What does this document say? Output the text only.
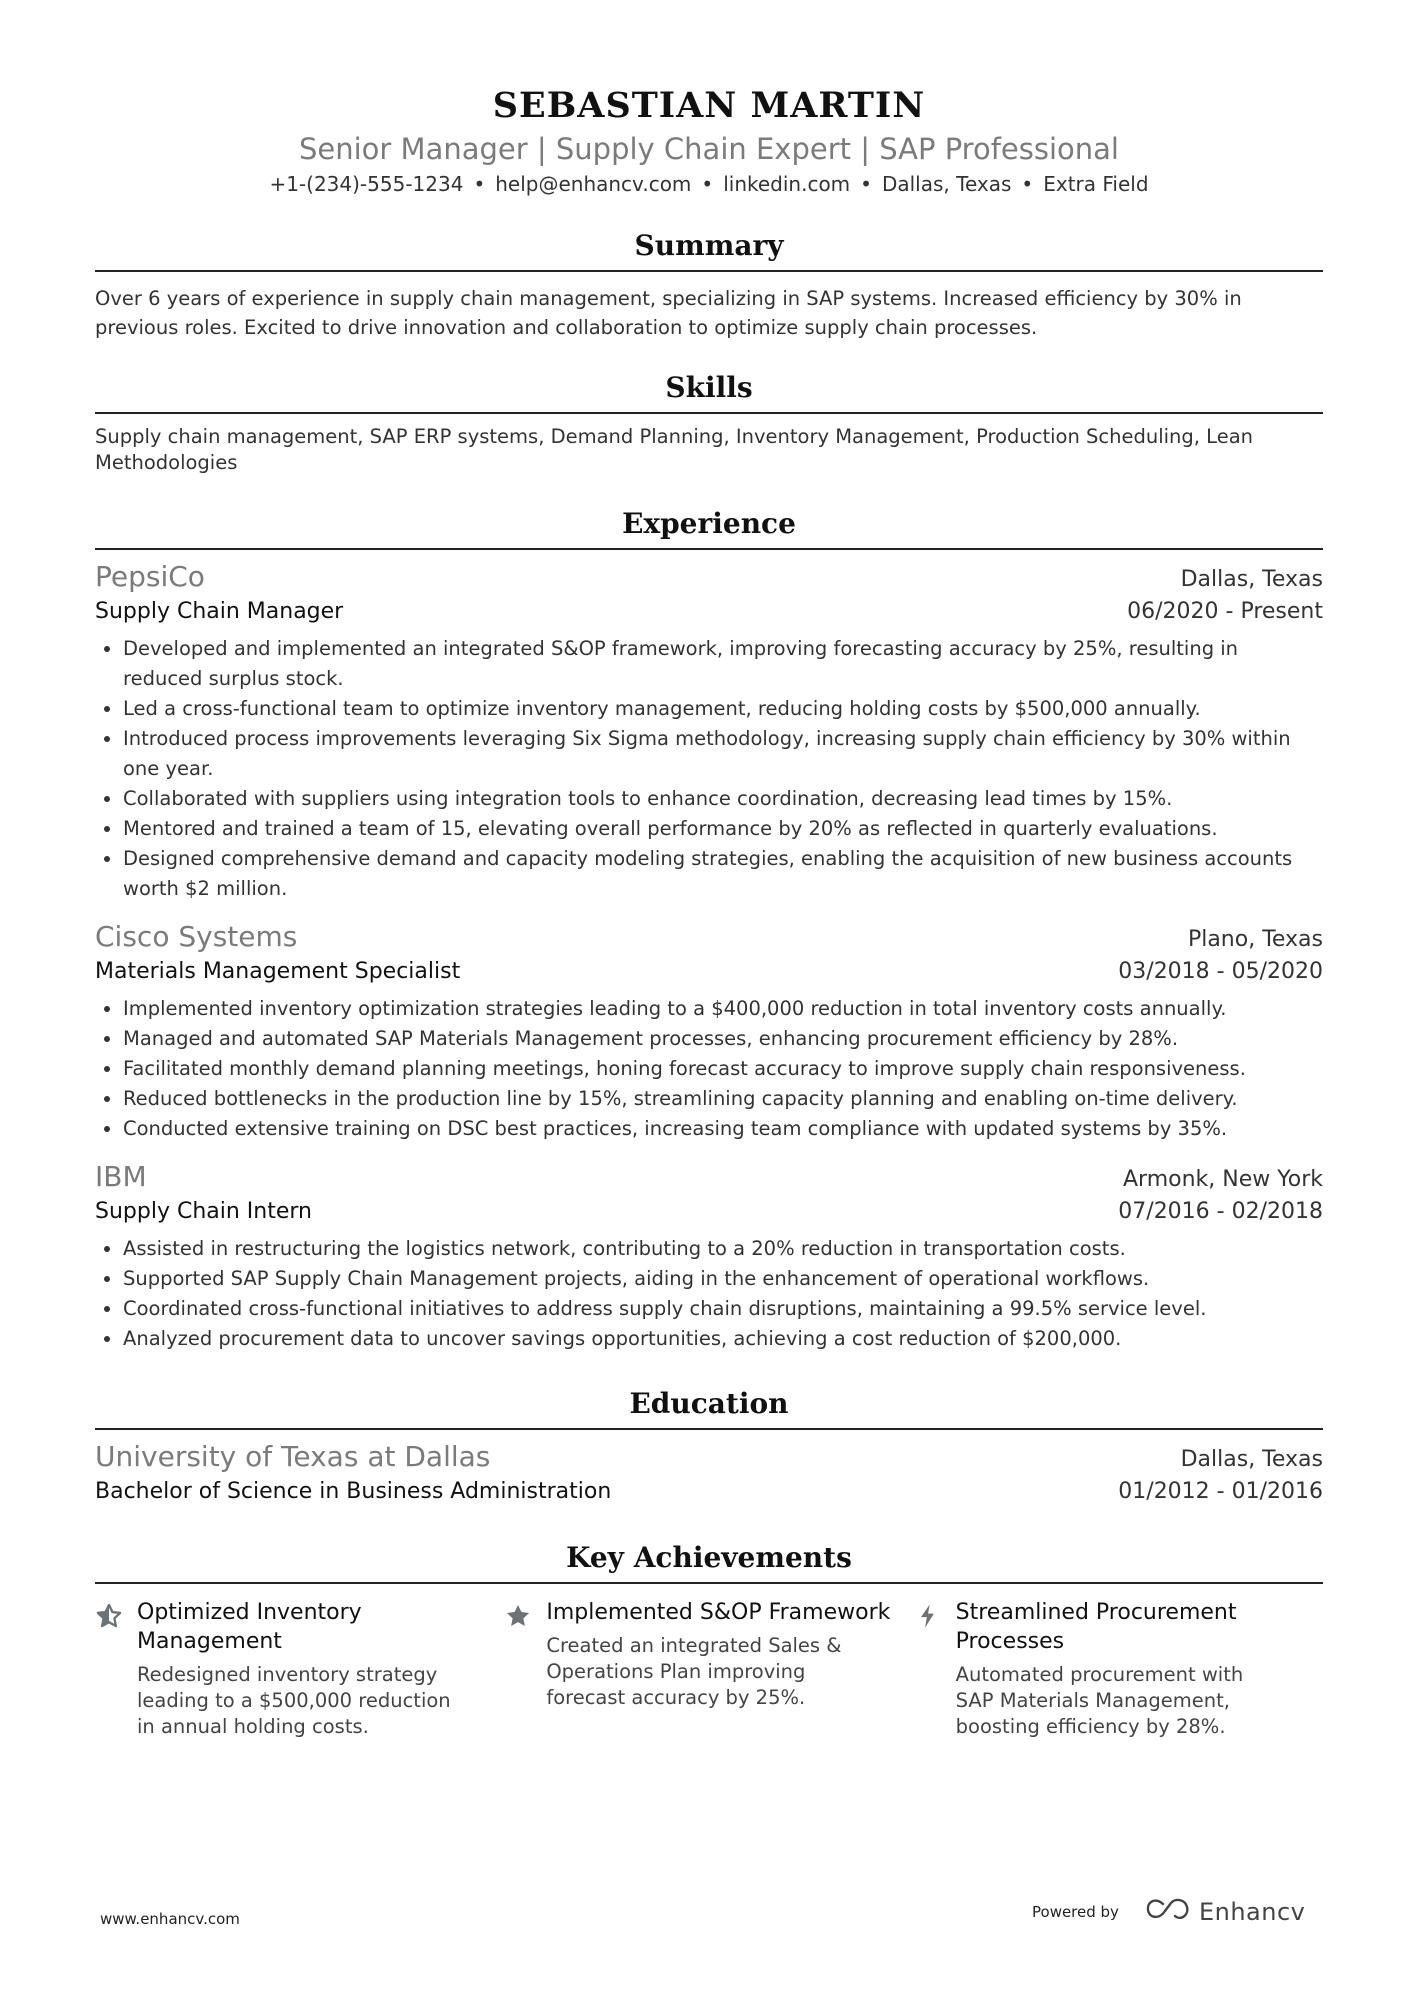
SEBASTIAN MARTIN
Senior Manager | Supply Chain Expert | SAP Professional
+1-(234)-555-1234 • help@enhancv.com • linkedin.com • Dallas, Texas • Extra Field
Summary
Over 6 years of experience in supply chain management, specializing in SAP systems. Increased efficiency by 30% in previous roles. Excited to drive innovation and collaboration to optimize supply chain processes.
Skills
Supply chain management, SAP ERP systems, Demand Planning, Inventory Management, Production Scheduling, Lean Methodologies
Experience
PepsiCo	Dallas, Texas
Supply Chain Manager	06/2020 - Present
• Developed and implemented an integrated S&OP framework, improving forecasting accuracy by 25%, resulting in reduced surplus stock.
• Led a cross-functional team to optimize inventory management, reducing holding costs by $500,000 annually.
• Introduced process improvements leveraging Six Sigma methodology, increasing supply chain efficiency by 30% within one year.
• Collaborated with suppliers using integration tools to enhance coordination, decreasing lead times by 15%.
• Mentored and trained a team of 15, elevating overall performance by 20% as reflected in quarterly evaluations.
• Designed comprehensive demand and capacity modeling strategies, enabling the acquisition of new business accounts worth $2 million.
Cisco Systems	Plano, Texas
Materials Management Specialist	03/2018 - 05/2020
• Implemented inventory optimization strategies leading to a $400,000 reduction in total inventory costs annually.
• Managed and automated SAP Materials Management processes, enhancing procurement efficiency by 28%.
• Facilitated monthly demand planning meetings, honing forecast accuracy to improve supply chain responsiveness.
• Reduced bottlenecks in the production line by 15%, streamlining capacity planning and enabling on-time delivery.
• Conducted extensive training on DSC best practices, increasing team compliance with updated systems by 35%.
IBM	Armonk, New York
Supply Chain Intern	07/2016 - 02/2018
• Assisted in restructuring the logistics network, contributing to a 20% reduction in transportation costs.
• Supported SAP Supply Chain Management projects, aiding in the enhancement of operational workflows.
• Coordinated cross-functional initiatives to address supply chain disruptions, maintaining a 99.5% service level.
• Analyzed procurement data to uncover savings opportunities, achieving a cost reduction of $200,000.
Education
University of Texas at Dallas	Dallas, Texas
Bachelor of Science in Business Administration	01/2012 - 01/2016
Key Achievements
Optimized Inventory Management
Redesigned inventory strategy leading to a $500,000 reduction in annual holding costs.
Implemented S&OP Framework
Created an integrated Sales & Operations Plan improving forecast accuracy by 25%.
Streamlined Procurement Processes
Automated procurement with SAP Materials Management, boosting efficiency by 28%.
www.enhancv.com	Powered by	Enhancv
